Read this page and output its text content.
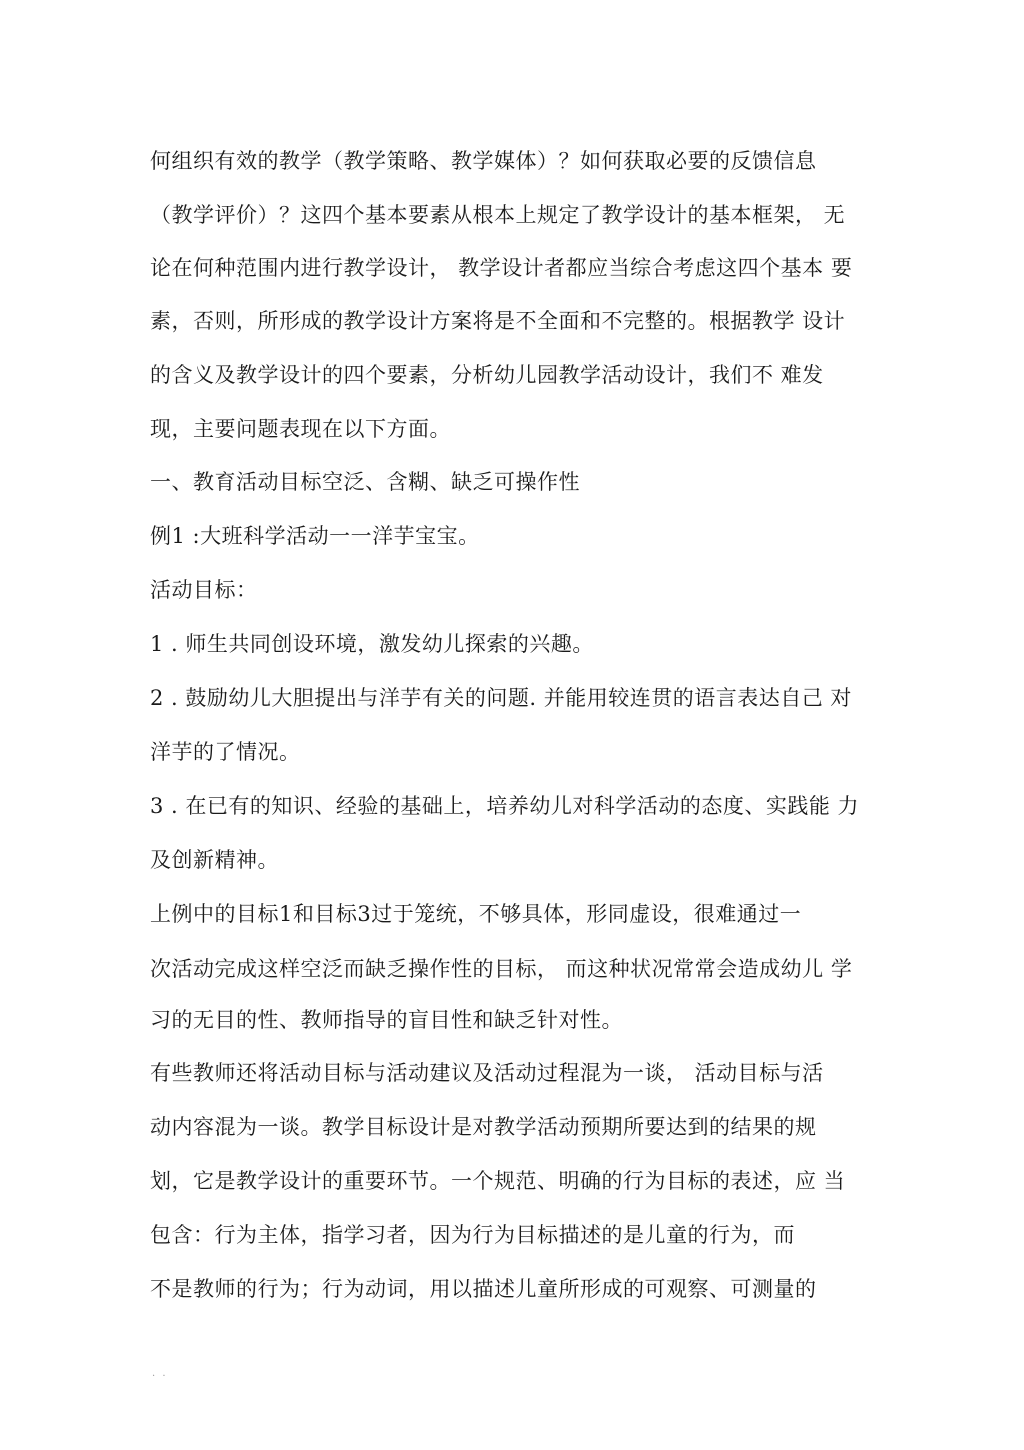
何组织有效的教学（教学策略、教学媒体）？如何获取必要的反馈信息
（教学评价）？这四个基本要素从根本上规定了教学设计的基本框架， 无
论在何种范围内进行教学设计， 教学设计者都应当综合考虑这四个基本 要
素，否则，所形成的教学设计方案将是不全面和不完整的。根据教学 设计
的含义及教学设计的四个要素，分析幼儿园教学活动设计，我们不 难发
现，主要问题表现在以下方面。
一、教育活动目标空泛、含糊、缺乏可操作性
例1 :大班科学活动一一洋芋宝宝。
活动目标：
1 . 师生共同创设环境，激发幼儿探索的兴趣。
2 . 鼓励幼儿大胆提出与洋芋有关的问题. 并能用较连贯的语言表达自己 对
洋芋的了情况。
3 . 在已有的知识、经验的基础上，培养幼儿对科学活动的态度、实践能 力
及创新精神。
上例中的目标1和目标3过于笼统，不够具体，形同虚设，很难通过一
次活动完成这样空泛而缺乏操作性的目标， 而这种状况常常会造成幼儿 学
习的无目的性、教师指导的盲目性和缺乏针对性。
有些教师还将活动目标与活动建议及活动过程混为一谈， 活动目标与活
动内容混为一谈。教学目标设计是对教学活动预期所要达到的结果的规
划，它是教学设计的重要环节。一个规范、明确的行为目标的表述，应 当
包含：行为主体，指学习者，因为行为目标描述的是儿童的行为，而
不是教师的行为；行为动词，用以描述儿童所形成的可观察、可测量的
. .
